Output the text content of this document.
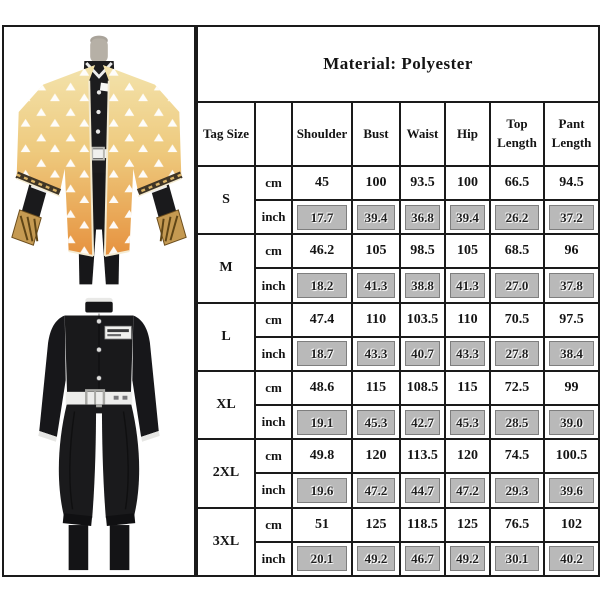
Material: Polyester							
Tag Size		Shoulder	Bust	Waist	Hip	Top Length	Pant Length
S	cm	45	100	93.5	100	66.5	94.5
	inch	17.7	39.4	36.8	39.4	26.2	37.2

M	cm	46.2	105	98.5	105	68.5	96
	inch	18.2	41.3	38.8	41.3	27.0	37.8

L	cm	47.4	110	103.5	110	70.5	97.5
	inch	18.7	43.3	40.7	43.3	27.8	38.4

XL	cm	48.6	115	108.5	115	72.5	99
	inch	19.1	45.3	42.7	45.3	28.5	39.0

2XL	cm	49.8	120	113.5	120	74.5	100.5
	inch	19.6	47.2	44.7	47.2	29.3	39.6

3XL	cm	51	125	118.5	125	76.5	102
	inch	20.1	49.2	46.7	49.2	30.1	40.2
